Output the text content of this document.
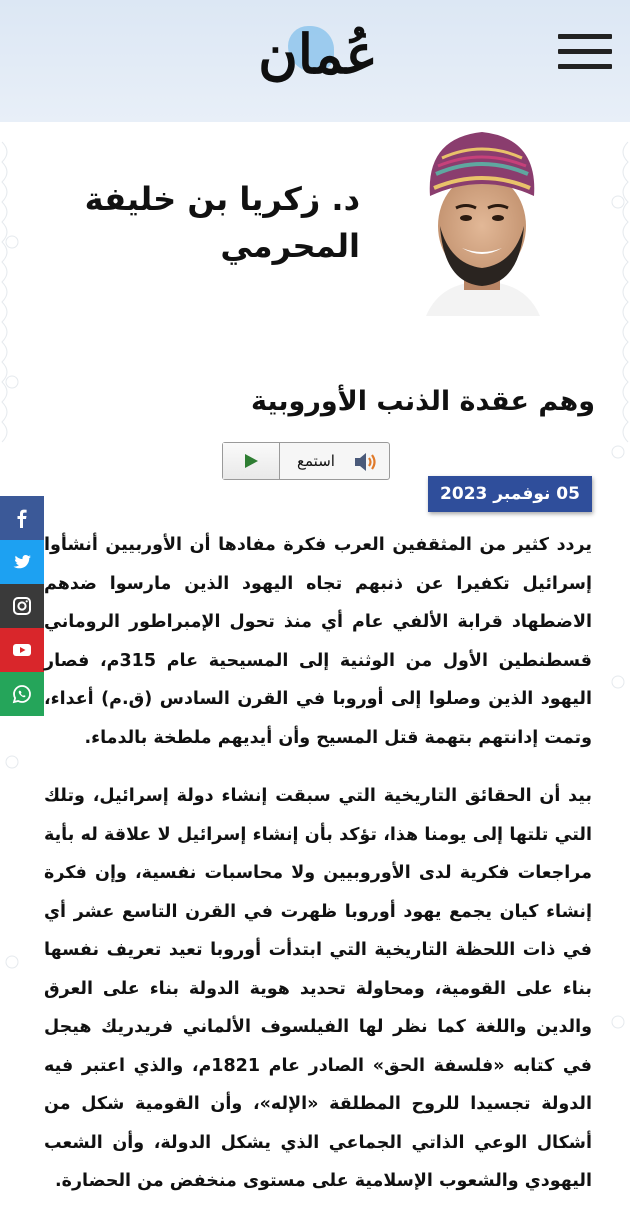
عُمان
د. زكريا بن خليفة
المحرمي
وهم عقدة الذنب الأوروبية
استمع
05 نوفمبر 2023

يردد كثير من المثقفين العرب فكرة مفادها أن الأوربيين أنشأوا إسرائيل تكفيرا عن ذنبهم تجاه اليهود الذين مارسوا ضدهم الاضطهاد قرابة الألفي عام أي منذ تحول الإمبراطور الروماني قسطنطين الأول من الوثنية إلى المسيحية عام 315م، فصار اليهود الذين وصلوا إلى أوروبا في القرن السادس (ق.م) أعداء، وتمت إدانتهم بتهمة قتل المسيح وأن أيديهم ملطخة بالدماء.

بيد أن الحقائق التاريخية التي سبقت إنشاء دولة إسرائيل، وتلك التي تلتها إلى يومنا هذا، تؤكد بأن إنشاء إسرائيل لا علاقة له بأية مراجعات فكرية لدى الأوروبيين ولا محاسبات نفسية، وإن فكرة إنشاء كيان يجمع يهود أوروبا ظهرت في القرن التاسع عشر أي في ذات اللحظة التاريخية التي ابتدأت أوروبا تعيد تعريف نفسها بناء على القومية، ومحاولة تحديد هوية الدولة بناء على العرق والدين واللغة كما نظر لها الفيلسوف الألماني فريدريك هيجل في كتابه «فلسفة الحق» الصادر عام 1821م، والذي اعتبر فيه الدولة تجسيدا للروح المطلقة «الإله»، وأن القومية شكل من أشكال الوعي الذاتي الجماعي الذي يشكل الدولة، وأن الشعب اليهودي والشعوب الإسلامية على مستوى منخفض من الحضارة.
